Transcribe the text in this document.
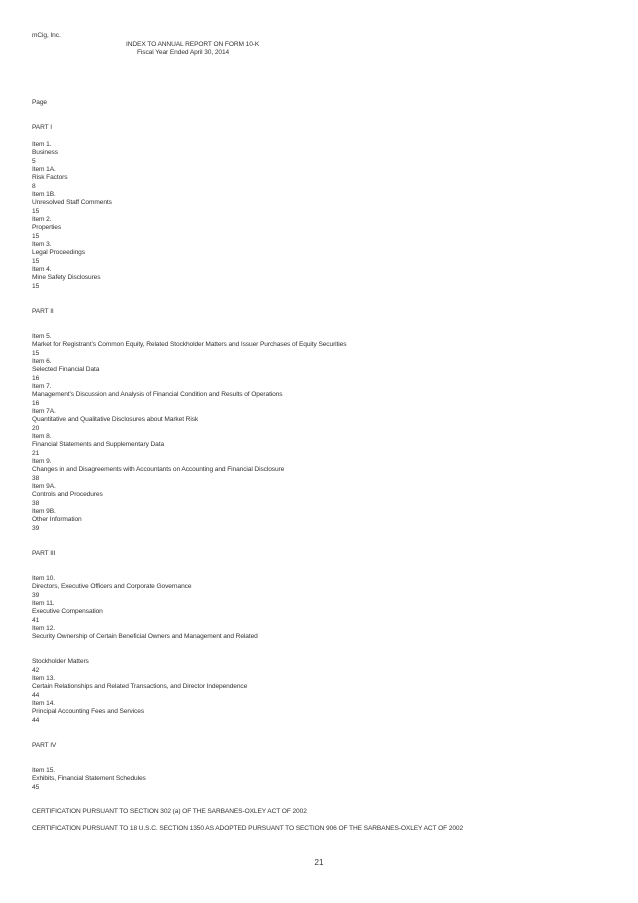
mCig, Inc.
INDEX TO ANNUAL REPORT ON FORM 10-K
Fiscal Year Ended April 30, 2014
Page
PART I
Item 1.
Business
5
Item 1A.
Risk Factors
8
Item 1B.
Unresolved Staff Comments
15
Item 2.
Properties
15
Item 3.
Legal Proceedings
15
Item 4.
Mine Safety Disclosures
15
PART II
Item 5.
Market for Registrant’s Common Equity, Related Stockholder Matters and Issuer Purchases of Equity Securities
15
Item 6.
Selected Financial Data
16
Item 7.
Management’s Discussion and Analysis of Financial Condition and Results of Operations
16
Item 7A.
Quantitative and Qualitative Disclosures about Market Risk
20
Item 8.
Financial Statements and Supplementary Data
21
Item 9.
Changes in and Disagreements with Accountants on Accounting and Financial Disclosure
38
Item 9A.
Controls and Procedures
38
Item 9B.
Other Information
39
PART III
Item 10.
Directors, Executive Officers and Corporate Governance
39
Item 11.
Executive Compensation
41
Item 12.
Security Ownership of Certain Beneficial Owners and Management and Related
Stockholder Matters
42
Item 13.
Certain Relationships and Related Transactions, and Director Independence
44
Item 14.
Principal Accounting Fees and Services
44
PART IV
Item 15.
Exhibits, Financial Statement Schedules
45
CERTIFICATION PURSUANT TO SECTION 302 (a) OF THE SARBANES-OXLEY ACT OF 2002
CERTIFICATION PURSUANT TO 18 U.S.C. SECTION 1350 AS ADOPTED PURSUANT TO SECTION 906 OF THE SARBANES-OXLEY ACT OF 2002
21
